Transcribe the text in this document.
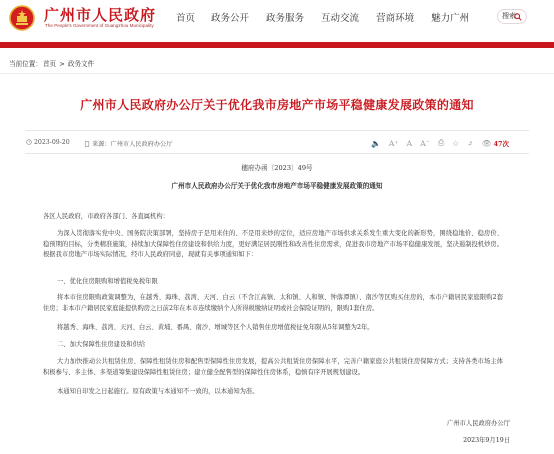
广州市人民政府
The People's Government of Guangzhou Municipality
首页 政务公开 政务服务 互动交流 营商环境 魅力广州	搜索
当前位置：首页 > 政务文件
广州市人民政府办公厅关于优化我市房地产市场平稳健康发展政策的通知
2023-09-20	来源：广州市人民政府办公厅	🔈 A⁺ A A⁻ ⎙ ☆ ⤴ 👁 47次
穗府办函〔2023〕49号
广州市人民政府办公厅关于优化我市房地产市场平稳健康发展政策的通知
各区人民政府，市政府各部门、各直属机构：
为深入贯彻落实党中央、国务院决策部署，坚持房子是用来住的、不是用来炒的定位，适应房地产市场供求关系发生重大变化的新形势，围绕稳地价、稳房价、稳预期的目标，分类精准施策，持续加大保障性住房建设和供给力度，更好满足居民刚性和改善性住房需求，促进我市房地产市场平稳健康发展，坚决遏制投机炒房。根据我市房地产市场实际情况，经市人民政府同意，现就有关事项通知如下：
一、优化住房限购和增值税免税年限
将本市住房限购政策调整为，在越秀、海珠、荔湾、天河、白云（不含江高镇、太和镇、人和镇、钟落潭镇）、南沙等区购买住房的，本市户籍居民家庭限购2套住房；非本市户籍居民家庭能提供购房之日前2年在本市连续缴纳个人所得税缴纳证明或社会保险证明的，限购1套住房。
将越秀、海珠、荔湾、天河、白云、黄埔、番禺、南沙、增城等区个人销售住房增值税征免年限从5年调整为2年。
二、加大保障性住房建设和供给
大力加快推动公共租赁住房、保障性租赁住房和配售型保障性住房发展，提高公共租赁住房保障水平，完善户籍家庭公共租赁住房保障方式；支持各类市场主体积极参与、多主体、多渠道筹集建设保障性租赁住房；建立健全配售型的保障性住房体系，稳慎有序开展规划建设。
本通知自印发之日起施行。原有政策与本通知不一致的，以本通知为准。
广州市人民政府办公厅
2023年9月19日
